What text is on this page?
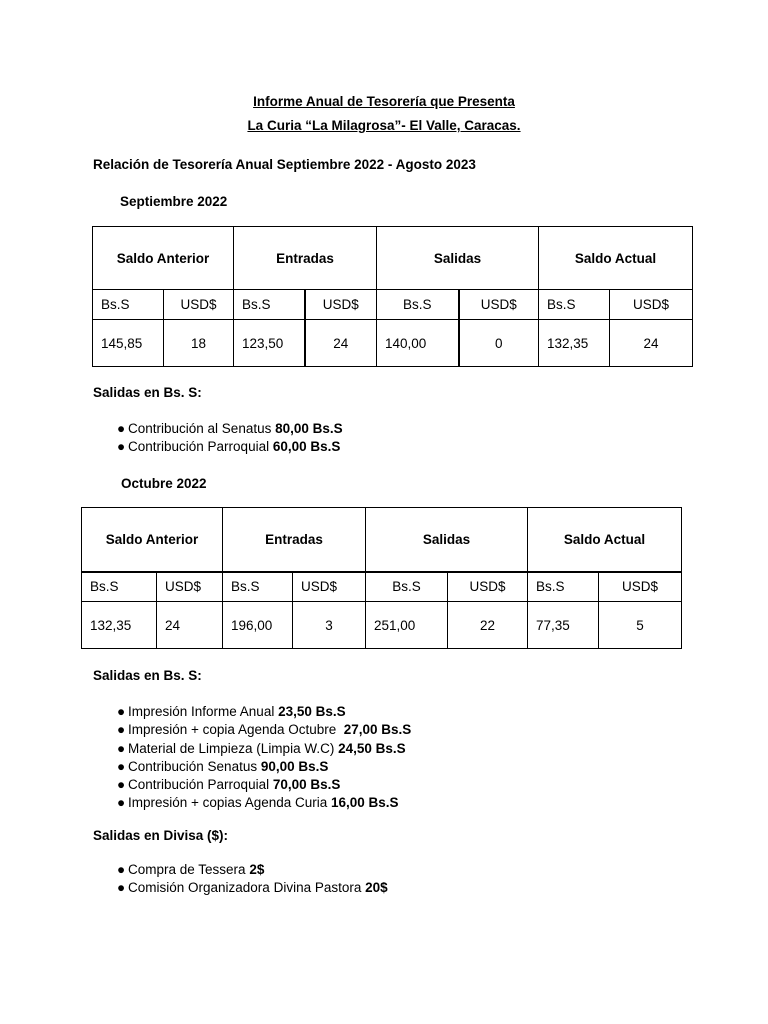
Informe Anual de Tesorería que Presenta
La Curia “La Milagrosa”- El Valle, Caracas.
Relación de Tesorería Anual Septiembre 2022 - Agosto 2023
Septiembre 2022
Saldo Anterior		Entradas		Salidas		Saldo Actual	
Bs.S	USD$	Bs.S	USD$	Bs.S	USD$	Bs.S	USD$
145,85	18	123,50	24	140,00	0	132,35	24
Salidas en Bs. S:
● Contribución al Senatus 80,00 Bs.S
● Contribución Parroquial 60,00 Bs.S
Octubre 2022
Saldo Anterior		Entradas		Salidas		Saldo Actual	
Bs.S	USD$	Bs.S	USD$	Bs.S	USD$	Bs.S	USD$
132,35	24	196,00	3	251,00	22	77,35	5
Salidas en Bs. S:
● Impresión Informe Anual 23,50 Bs.S
● Impresión + copia Agenda Octubre  27,00 Bs.S
● Material de Limpieza (Limpia W.C) 24,50 Bs.S
● Contribución Senatus 90,00 Bs.S
● Contribución Parroquial 70,00 Bs.S
● Impresión + copias Agenda Curia 16,00 Bs.S
Salidas en Divisa ($):
● Compra de Tessera 2$
● Comisión Organizadora Divina Pastora 20$
